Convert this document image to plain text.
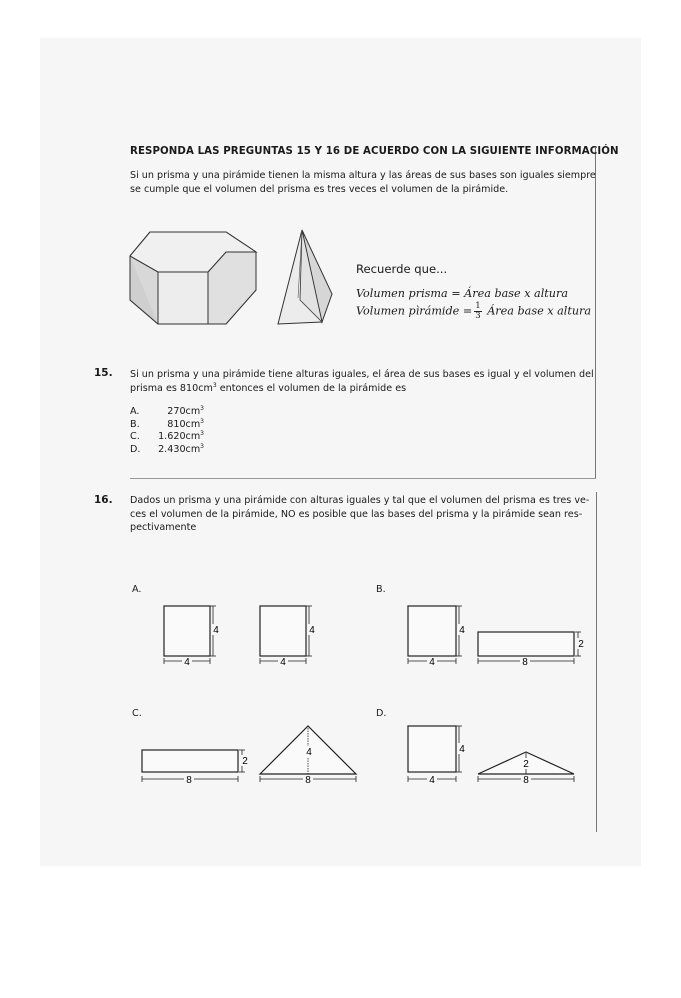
RESPONDA LAS PREGUNTAS 15 Y 16 DE ACUERDO CON LA SIGUIENTE INFORMACIÓN
Si un prisma y una pirámide tienen la misma altura y las áreas de sus bases son iguales siempre
se cumple que el volumen del prisma es tres veces el volumen de la pirámide.
Recuerde que...
Volumen prisma = Área base x altura
Volumen pìrámide = $\frac{1}{3}$ Área base x altura
15. Si un prisma y una pirámide tiene alturas iguales, el área de sus bases es igual y el volumen del
prisma es $810cm^3$ entonces el volumen de la pirámide es
A.	$270cm^3$
B.	$810cm^3$
C.	$1.620cm^3$
D.	$2.430cm^3$
16. Dados un prisma y una pirámide con alturas iguales y tal que el volumen del prisma es tres ve-
ces el volumen de la pirámide, NO es posible que las bases del prisma y la pirámide sean res-
pectivamente
A.	B.
C.	D.
4
4
4
4
4
4
2
8
2
8
4
8
4
4
2
8
